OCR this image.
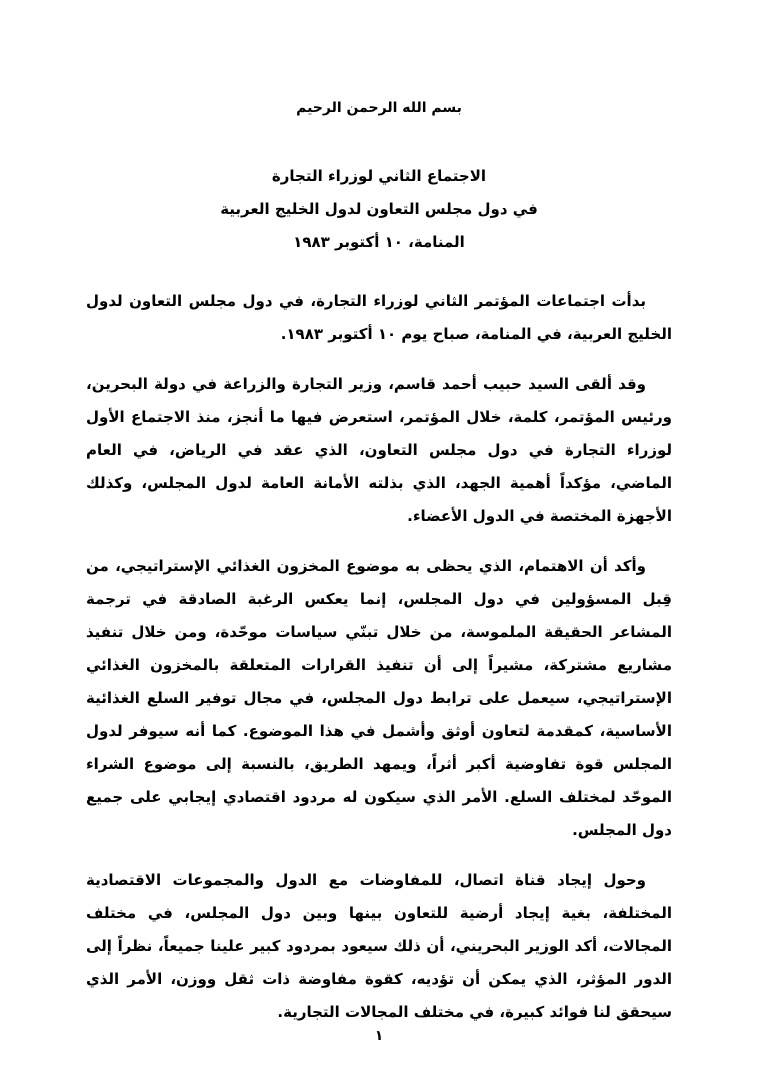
بسم الله الرحمن الرحيم
الاجتماع الثاني لوزراء التجارة
في دول مجلس التعاون لدول الخليج العربية
المنامة، ١٠ أكتوبر ١٩٨٣

بدأت اجتماعات المؤتمر الثاني لوزراء التجارة، في دول مجلس التعاون لدول الخليج العربية، في المنامة، صباح يوم ١٠ أكتوبر ١٩٨٣.

وقد ألقى السيد حبيب أحمد قاسم، وزير التجارة والزراعة في دولة البحرين، ورئيس المؤتمر، كلمة، خلال المؤتمر، استعرض فيها ما أنجز، منذ الاجتماع الأول لوزراء التجارة في دول مجلس التعاون، الذي عقد في الرياض، في العام الماضي، مؤكداً أهمية الجهد، الذي بذلته الأمانة العامة لدول المجلس، وكذلك الأجهزة المختصة في الدول الأعضاء.

وأكد أن الاهتمام، الذي يحظى به موضوع المخزون الغذائي الإستراتيجي، من قِبل المسؤولين في دول المجلس، إنما يعكس الرغبة الصادقة في ترجمة المشاعر الحقيقة الملموسة، من خلال تبنّي سياسات موحّدة، ومن خلال تنفيذ مشاريع مشتركة، مشيراً إلى أن تنفيذ القرارات المتعلقة بالمخزون الغذائي الإستراتيجي، سيعمل على ترابط دول المجلس، في مجال توفير السلع الغذائية الأساسية، كمقدمة لتعاون أوثق وأشمل في هذا الموضوع. كما أنه سيوفر لدول المجلس قوة تفاوضية أكبر أثراً، ويمهد الطريق، بالنسبة إلى موضوع الشراء الموحّد لمختلف السلع. الأمر الذي سيكون له مردود اقتصادي إيجابي على جميع دول المجلس.

وحول إيجاد قناة اتصال، للمفاوضات مع الدول والمجموعات الاقتصادية المختلفة، بغية إيجاد أرضية للتعاون بينها وبين دول المجلس، في مختلف المجالات، أكد الوزير البحريني، أن ذلك سيعود بمردود كبير علينا جميعاً، نظراً إلى الدور المؤثر، الذي يمكن أن تؤديه، كقوة مفاوضة ذات ثقل ووزن، الأمر الذي سيحقق لنا فوائد كبيرة، في مختلف المجالات التجارية.

١
